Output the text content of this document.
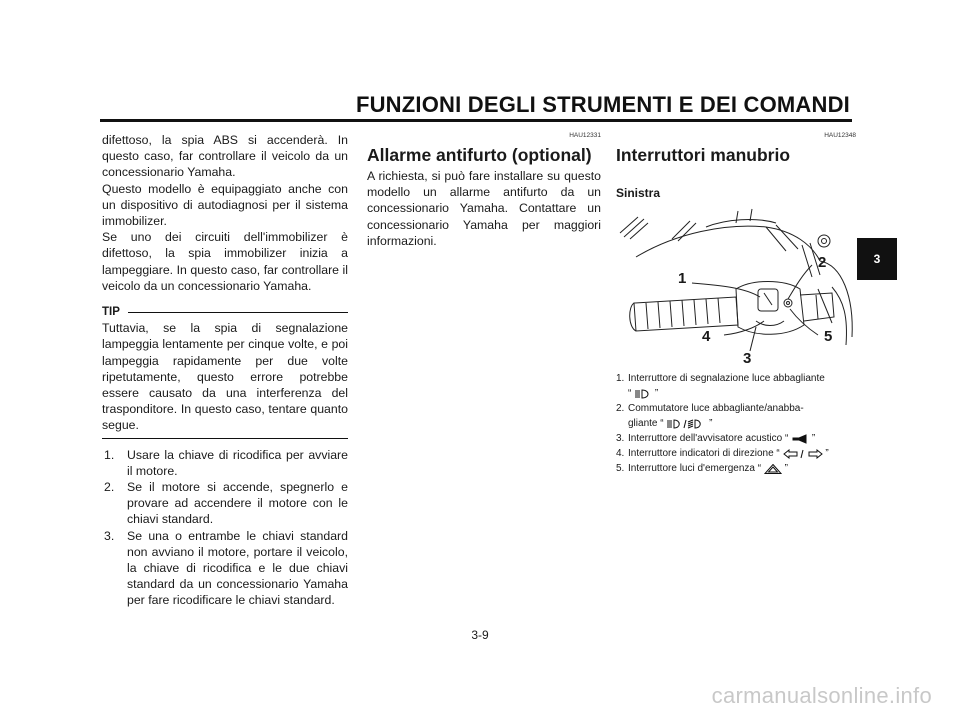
FUNZIONI DEGLI STRUMENTI E DEI COMANDI
3

difettoso, la spia ABS si accenderà. In questo caso, far controllare il veicolo da un concessionario Yamaha.

Questo modello è equipaggiato anche con un dispositivo di autodiagnosi per il sistema immobilizer.

Se uno dei circuiti dell'immobilizer è difettoso, la spia immobilizer inizia a lampeggiare. In questo caso, far controllare il veicolo da un concessionario Yamaha.

TIP

Tuttavia, se la spia di segnalazione lampeggia lentamente per cinque volte, e poi lampeggia rapidamente per due volte ripetutamente, questo errore potrebbe essere causato da una interferenza del trasponditore. In questo caso, tentare quanto segue.

1.	Usare la chiave di ricodifica per avviare il motore.
2.	Se il motore si accende, spegnerlo e provare ad accendere il motore con le chiavi standard.
3.	Se una o entrambe le chiavi standard non avviano il motore, portare il veicolo, la chiave di ricodifica e le due chiavi standard da un concessionario Yamaha per fare ricodificare le chiavi standard.
HAU12331
Allarme antifurto (optional)

A richiesta, si può fare installare su questo modello un allarme antifurto da un concessionario Yamaha. Contattare un concessionario Yamaha per maggiori informazioni.

HAU12348
Interruttori manubrio
Sinistra
1
2
3
4	5
1. Interruttore di segnalazione luce abbagliante
“ ”
2. Commutatore luce abbagliante/anabba-
gliante “	”
3. Interruttore dell'avvisatore acustico “ ”
4. Interruttore indicatori di direzione “	”
5. Interruttore luci d'emergenza “ ”
3-9
carmanualsonline.info
